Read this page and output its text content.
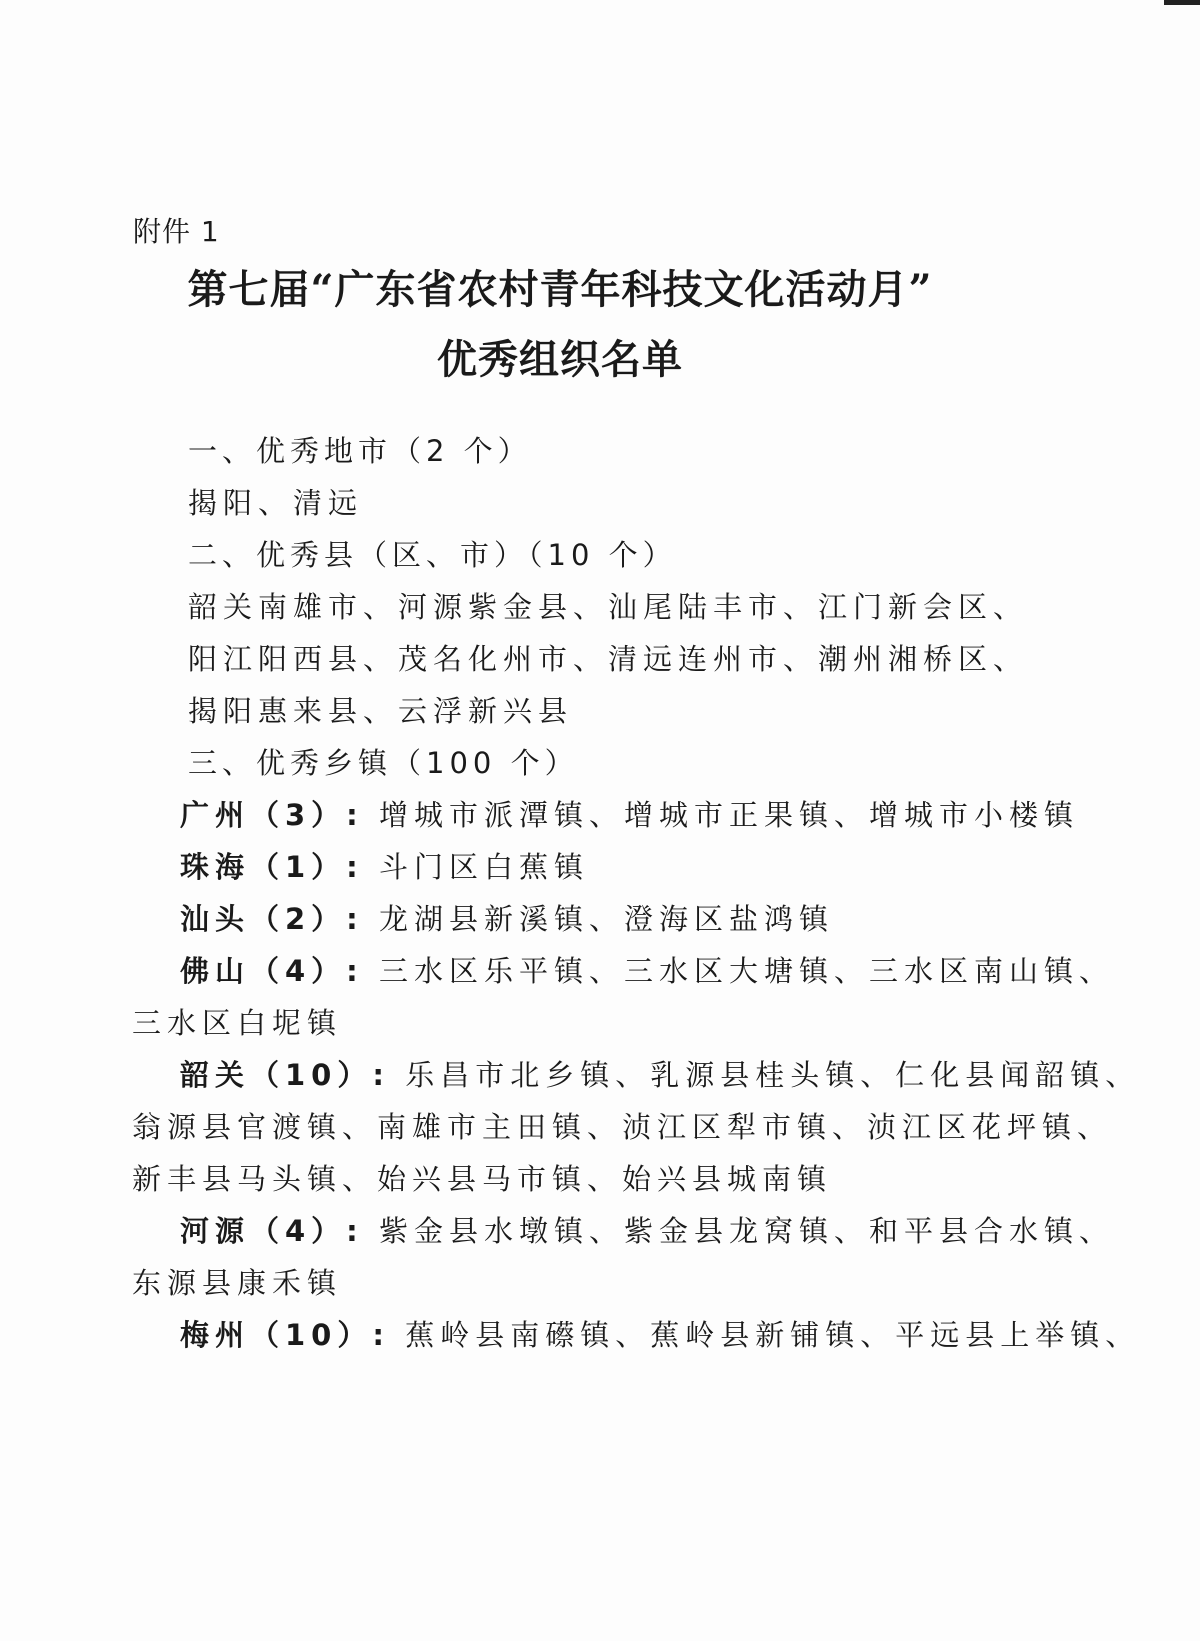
附件 1
第七届“广东省农村青年科技文化活动月”
优秀组织名单
一、优秀地市（2 个）
揭阳、清远
二、优秀县（区、市）（10 个）
韶关南雄市、河源紫金县、汕尾陆丰市、江门新会区、
阳江阳西县、茂名化州市、清远连州市、潮州湘桥区、
揭阳惠来县、云浮新兴县
三、优秀乡镇（100 个）
广州（3）: 增城市派潭镇、增城市正果镇、增城市小楼镇
珠海（1）: 斗门区白蕉镇
汕头（2）: 龙湖县新溪镇、澄海区盐鸿镇
佛山（4）: 三水区乐平镇、三水区大塘镇、三水区南山镇、
三水区白坭镇
韶关（10）: 乐昌市北乡镇、乳源县桂头镇、仁化县闻韶镇、
翁源县官渡镇、南雄市主田镇、浈江区犁市镇、浈江区花坪镇、
新丰县马头镇、始兴县马市镇、始兴县城南镇
河源（4）: 紫金县水墩镇、紫金县龙窝镇、和平县合水镇、
东源县康禾镇
梅州（10）: 蕉岭县南礤镇、蕉岭县新铺镇、平远县上举镇、
